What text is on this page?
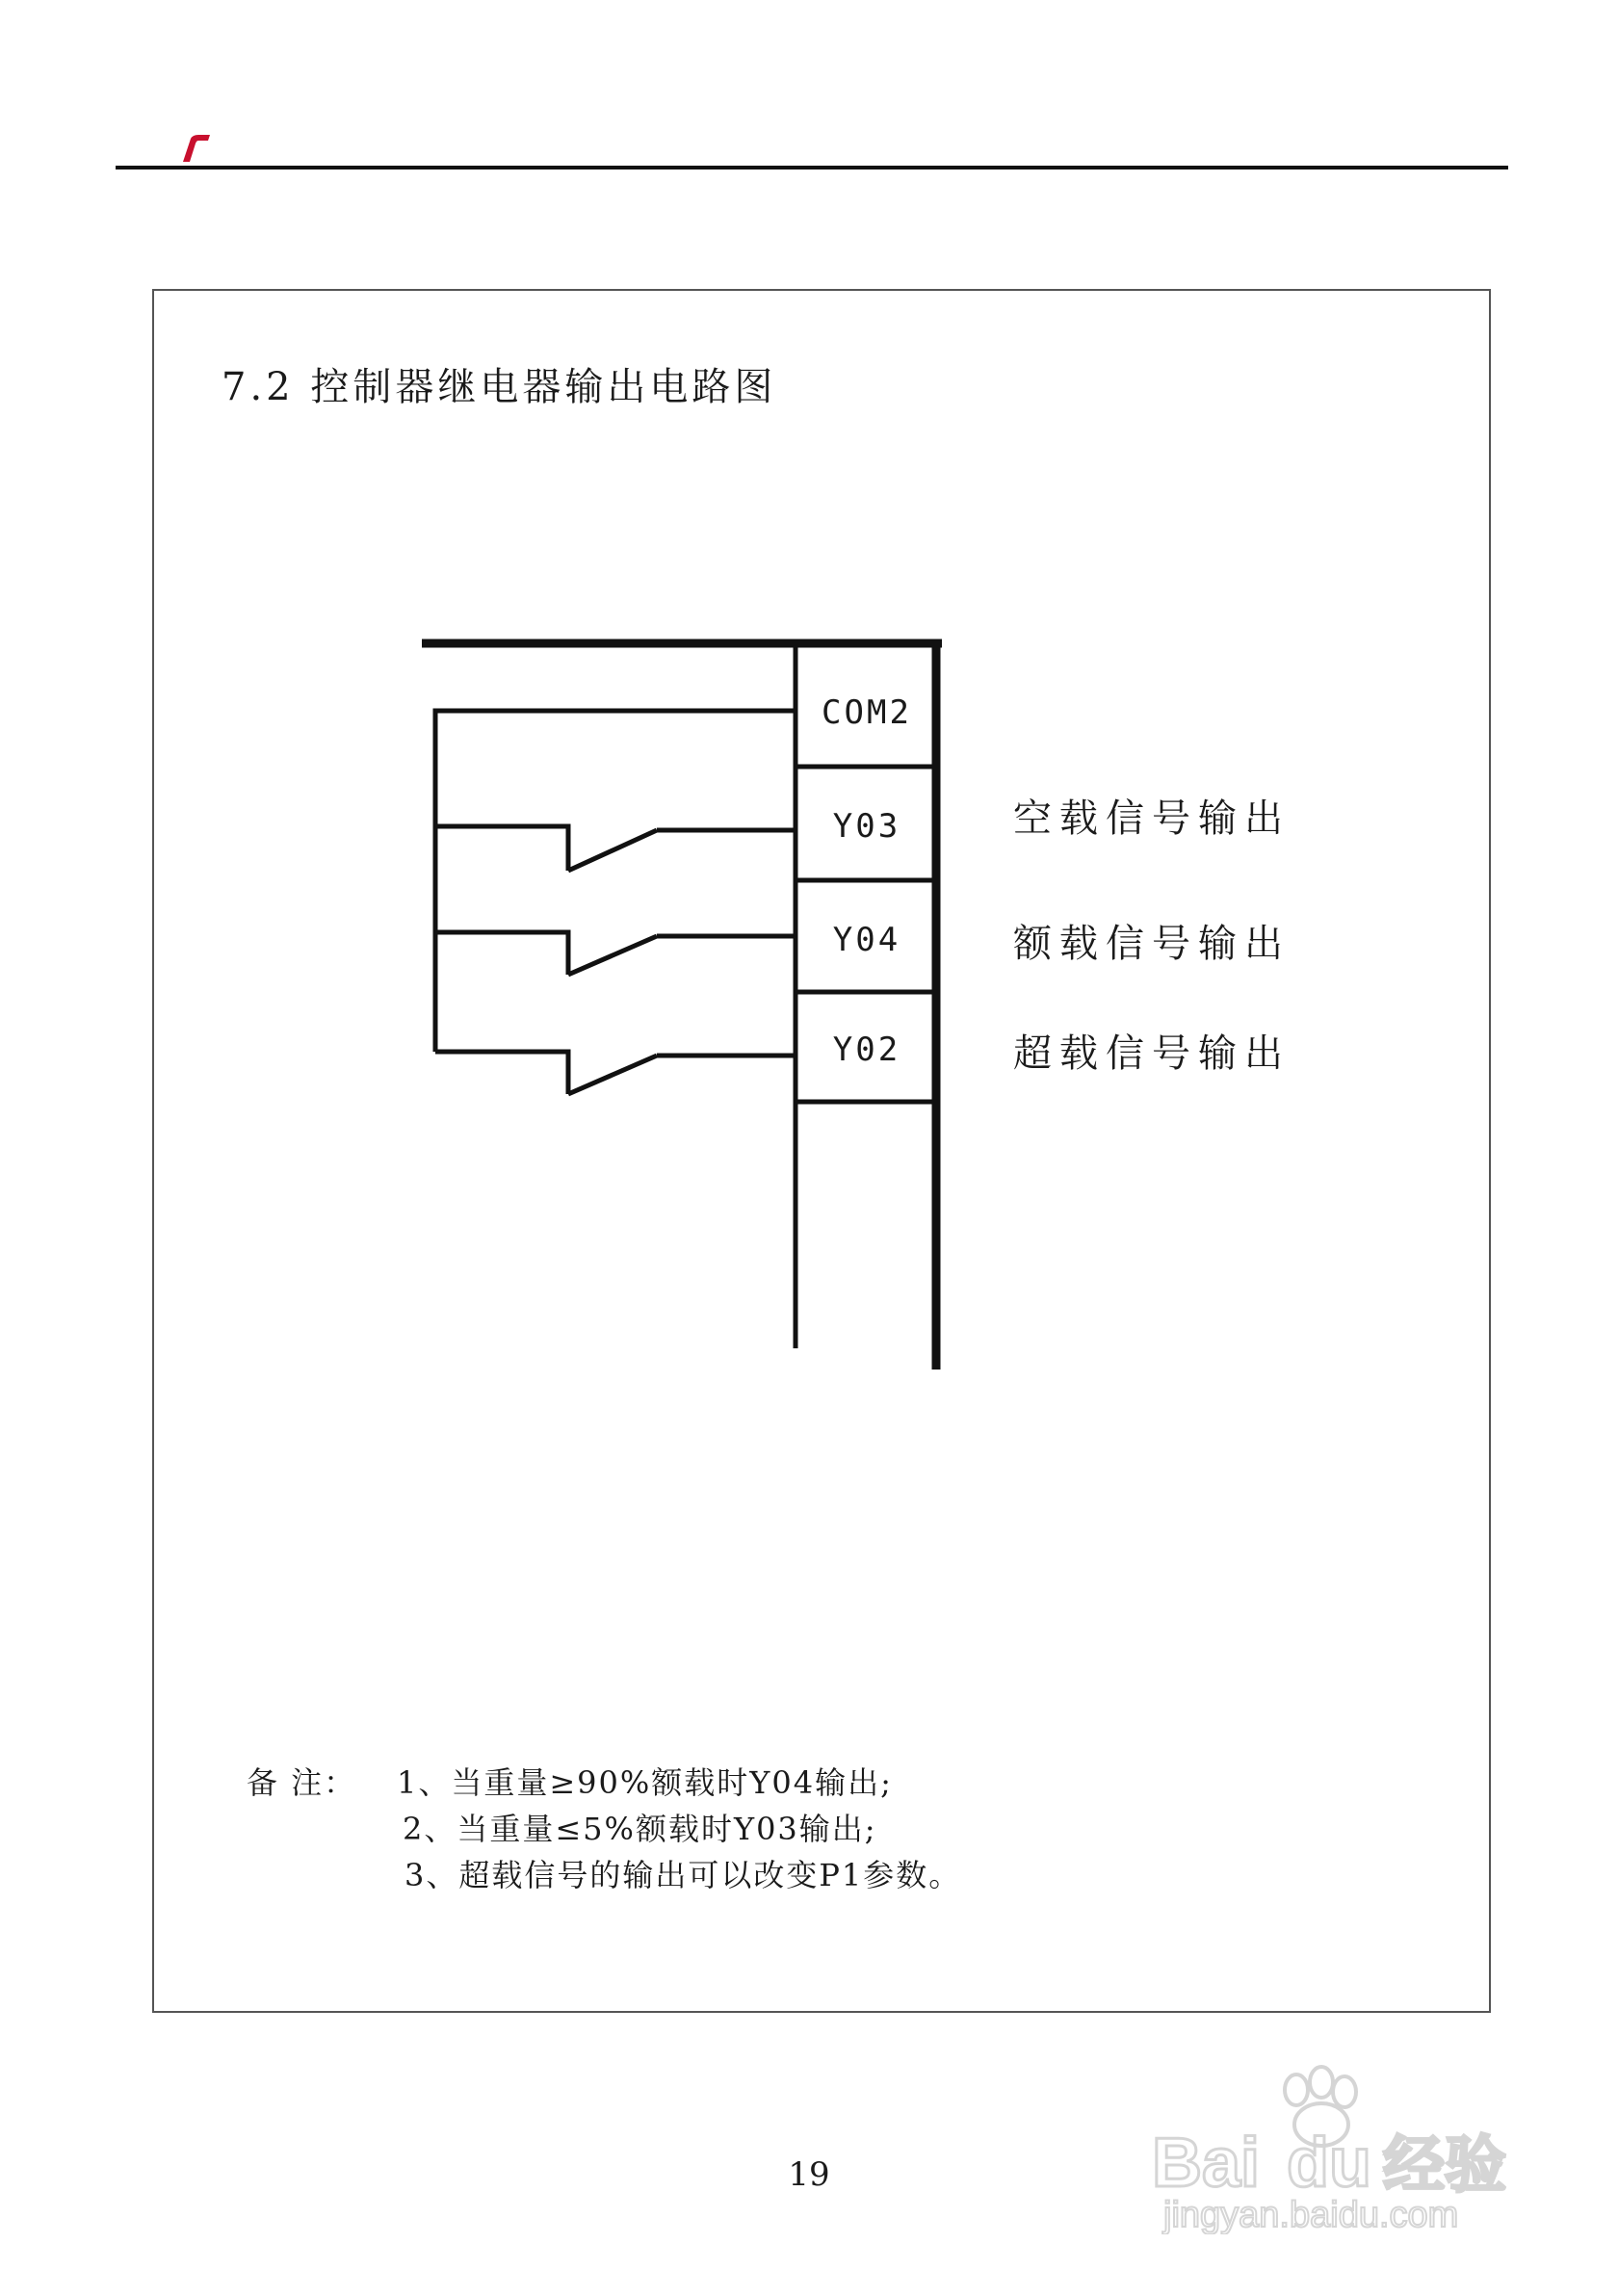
7.2 控制器继电器输出电路图
COM2
Y03
Y04
Y02
空载信号输出
额载信号输出
超载信号输出
备 注： 1、当重量≥90%额载时Y04输出;
2、当重量≤5%额载时Y03输出;
3、超载信号的输出可以改变P1参数。
19	Bai du 经验
jingyan.baidu.com
